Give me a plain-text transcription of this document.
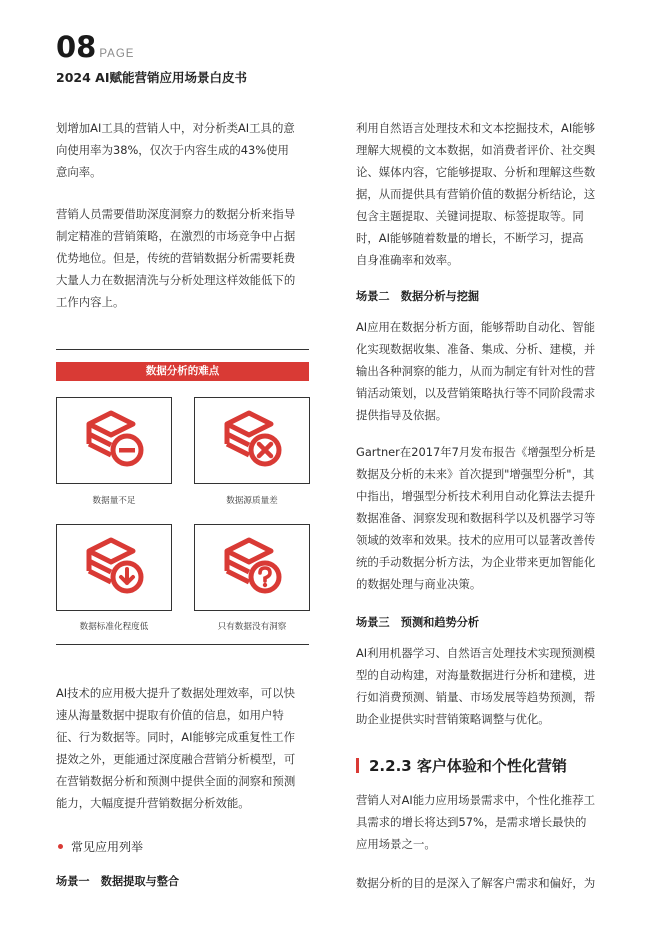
08 PAGE
2024 AI赋能营销应用场景白皮书

划增加AI工具的营销人中，对分析类AI工具的意

向使用率为38%，仅次于内容生成的43%使用

意向率。

营销人员需要借助深度洞察力的数据分析来指导

制定精准的营销策略，在激烈的市场竞争中占据

优势地位。但是，传统的营销数据分析需要耗费

大量人力在数据清洗与分析处理这样效能低下的

工作内容上。

数据分析的难点
数据量不足	数据源质量差
数据标准化程度低	只有数据没有洞察

AI技术的应用极大提升了数据处理效率，可以快

速从海量数据中提取有价值的信息，如用户特

征、行为数据等。同时，AI能够完成重复性工作

提效之外，更能通过深度融合营销分析模型，可

在营销数据分析和预测中提供全面的洞察和预测

能力，大幅度提升营销数据分析效能。

常见应用列举
场景一　数据提取与整合

利用自然语言处理技术和文本挖掘技术，AI能够

理解大规模的文本数据，如消费者评价、社交舆

论、媒体内容，它能够提取、分析和理解这些数

据，从而提供具有营销价值的数据分析结论，这

包含主题提取、关键词提取、标签提取等。同

时，AI能够随着数量的增长，不断学习，提高

自身准确率和效率。

场景二　数据分析与挖掘

AI应用在数据分析方面，能够帮助自动化、智能

化实现数据收集、准备、集成、分析、建模，并

输出各种洞察的能力，从而为制定有针对性的营

销活动策划，以及营销策略执行等不同阶段需求

提供指导及依据。

Gartner在2017年7月发布报告《增强型分析是

数据及分析的未来》首次提到"增强型分析"，其

中指出，增强型分析技术利用自动化算法去提升

数据准备、洞察发现和数据科学以及机器学习等

领域的效率和效果。技术的应用可以显著改善传

统的手动数据分析方法，为企业带来更加智能化

的数据处理与商业决策。

场景三　预测和趋势分析

AI利用机器学习、自然语言处理技术实现预测模

型的自动构建，对海量数据进行分析和建模，进

行如消费预测、销量、市场发展等趋势预测，帮

助企业提供实时营销策略调整与优化。

2.2.3 客户体验和个性化营销

营销人对AI能力应用场景需求中，个性化推荐工

具需求的增长将达到57%，是需求增长最快的

应用场景之一。

数据分析的目的是深入了解客户需求和偏好，为
